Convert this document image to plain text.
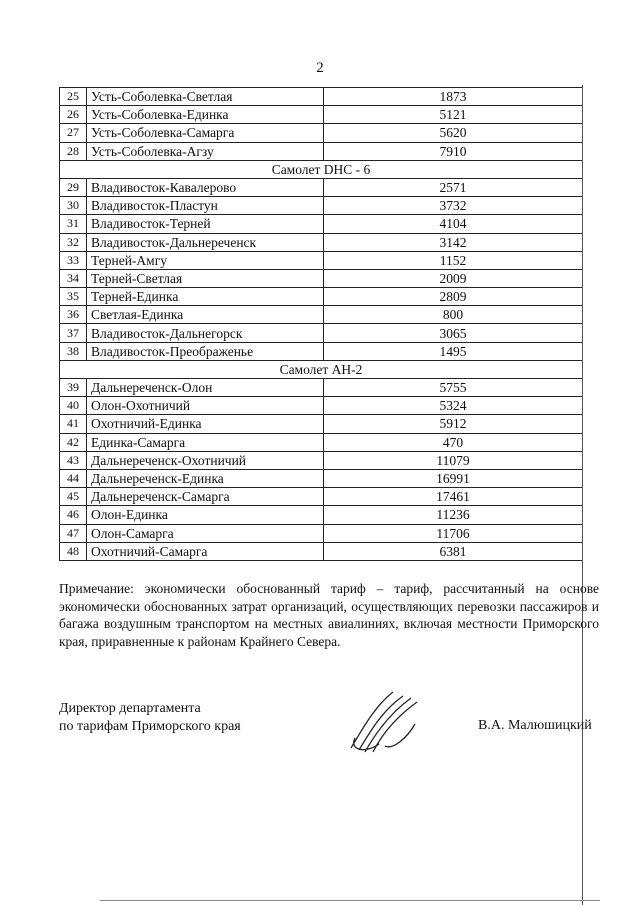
2
25	Усть-Соболевка-Светлая	1873
26	Усть-Соболевка-Единка	5121
27	Усть-Соболевка-Самарга	5620
28	Усть-Соболевка-Агзу	7910
Самолет DHC - 6		
29	Владивосток-Кавалерово	2571
30	Владивосток-Пластун	3732
31	Владивосток-Терней	4104
32	Владивосток-Дальнереченск	3142
33	Терней-Амгу	1152
34	Терней-Светлая	2009
35	Терней-Единка	2809
36	Светлая-Единка	800
37	Владивосток-Дальнегорск	3065
38	Владивосток-Преображенье	1495
Самолет АН-2		
39	Дальнереченск-Олон	5755
40	Олон-Охотничий	5324
41	Охотничий-Единка	5912
42	Единка-Самарга	470
43	Дальнереченск-Охотничий	11079
44	Дальнереченск-Единка	16991
45	Дальнереченск-Самарга	17461
46	Олон-Единка	11236
47	Олон-Самарга	11706
48	Охотничий-Самарга	6381
Примечание: экономически обоснованный тариф – тариф, рассчитанный на основе экономически обоснованных затрат организаций, осуществляющих перевозки пассажиров и багажа воздушным транспортом на местных авиалиниях, включая местности Приморского края, приравненные к районам Крайнего Севера.
Директор департамента
по тарифам Приморского края	В.А. Малюшицкий
